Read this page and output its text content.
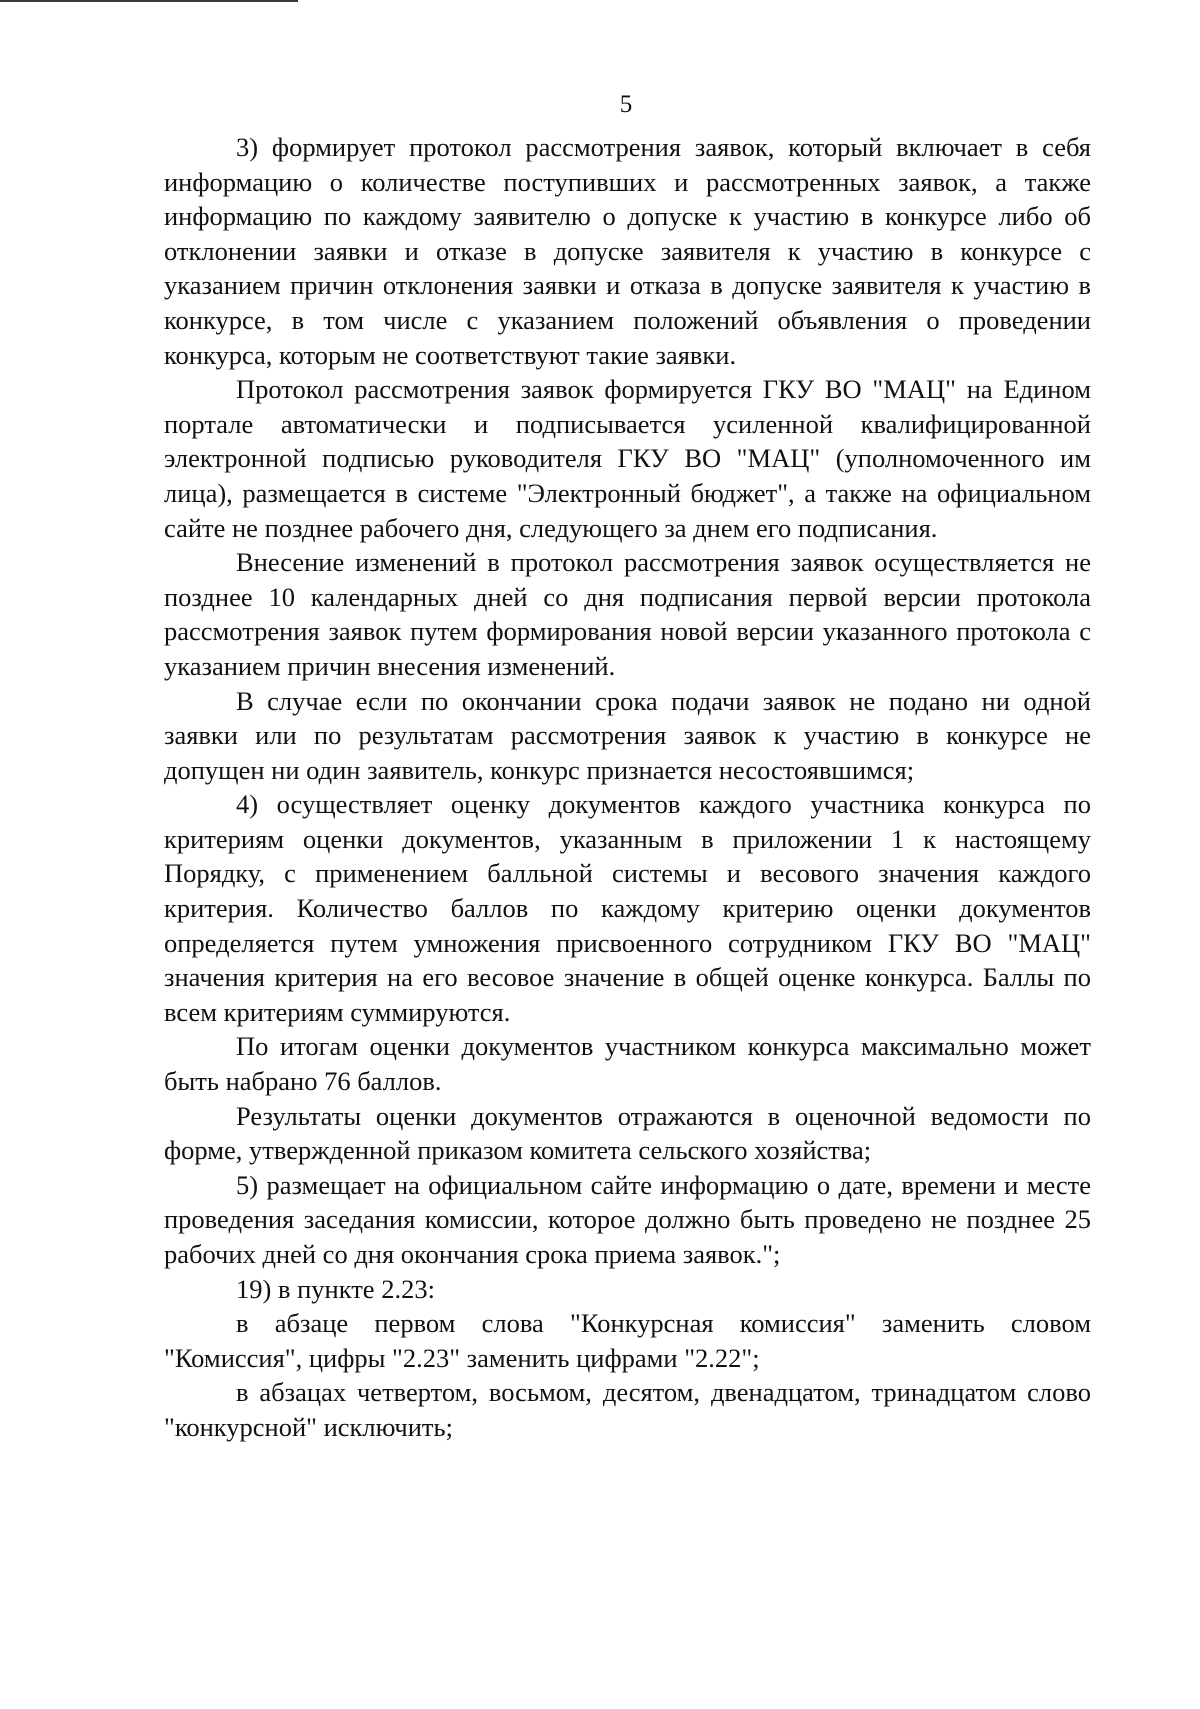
5

3) формирует протокол рассмотрения заявок, который включает в себя информацию о количестве поступивших и рассмотренных заявок, а также информацию по каждому заявителю о допуске к участию в конкурсе либо об отклонении заявки и отказе в допуске заявителя к участию в конкурсе с указанием причин отклонения заявки и отказа в допуске заявителя к участию в конкурсе, в том числе с указанием положений объявления о проведении конкурса, которым не соответствуют такие заявки.

Протокол рассмотрения заявок формируется ГКУ ВО "МАЦ" на Едином портале автоматически и подписывается усиленной квалифицированной электронной подписью руководителя ГКУ ВО "МАЦ" (уполномоченного им лица), размещается в системе "Электронный бюджет", а также на официальном сайте не позднее рабочего дня, следующего за днем его подписания.

Внесение изменений в протокол рассмотрения заявок осуществляется не позднее 10 календарных дней со дня подписания первой версии протокола рассмотрения заявок путем формирования новой версии указанного протокола с указанием причин внесения изменений.

В случае если по окончании срока подачи заявок не подано ни одной заявки или по результатам рассмотрения заявок к участию в конкурсе не допущен ни один заявитель, конкурс признается несостоявшимся;

4) осуществляет оценку документов каждого участника конкурса по критериям оценки документов, указанным в приложении 1 к настоящему Порядку, с применением балльной системы и весового значения каждого критерия. Количество баллов по каждому критерию оценки документов определяется путем умножения присвоенного сотрудником ГКУ ВО "МАЦ" значения критерия на его весовое значение в общей оценке конкурса. Баллы по всем критериям суммируются.

По итогам оценки документов участником конкурса максимально может быть набрано 76 баллов.

Результаты оценки документов отражаются в оценочной ведомости по форме, утвержденной приказом комитета сельского хозяйства;

5) размещает на официальном сайте информацию о дате, времени и месте проведения заседания комиссии, которое должно быть проведено не позднее 25 рабочих дней со дня окончания срока приема заявок.";

19) в пункте 2.23:

в абзаце первом слова "Конкурсная комиссия" заменить словом "Комиссия", цифры "2.23" заменить цифрами "2.22";

в абзацах четвертом, восьмом, десятом, двенадцатом, тринадцатом слово "конкурсной" исключить;
